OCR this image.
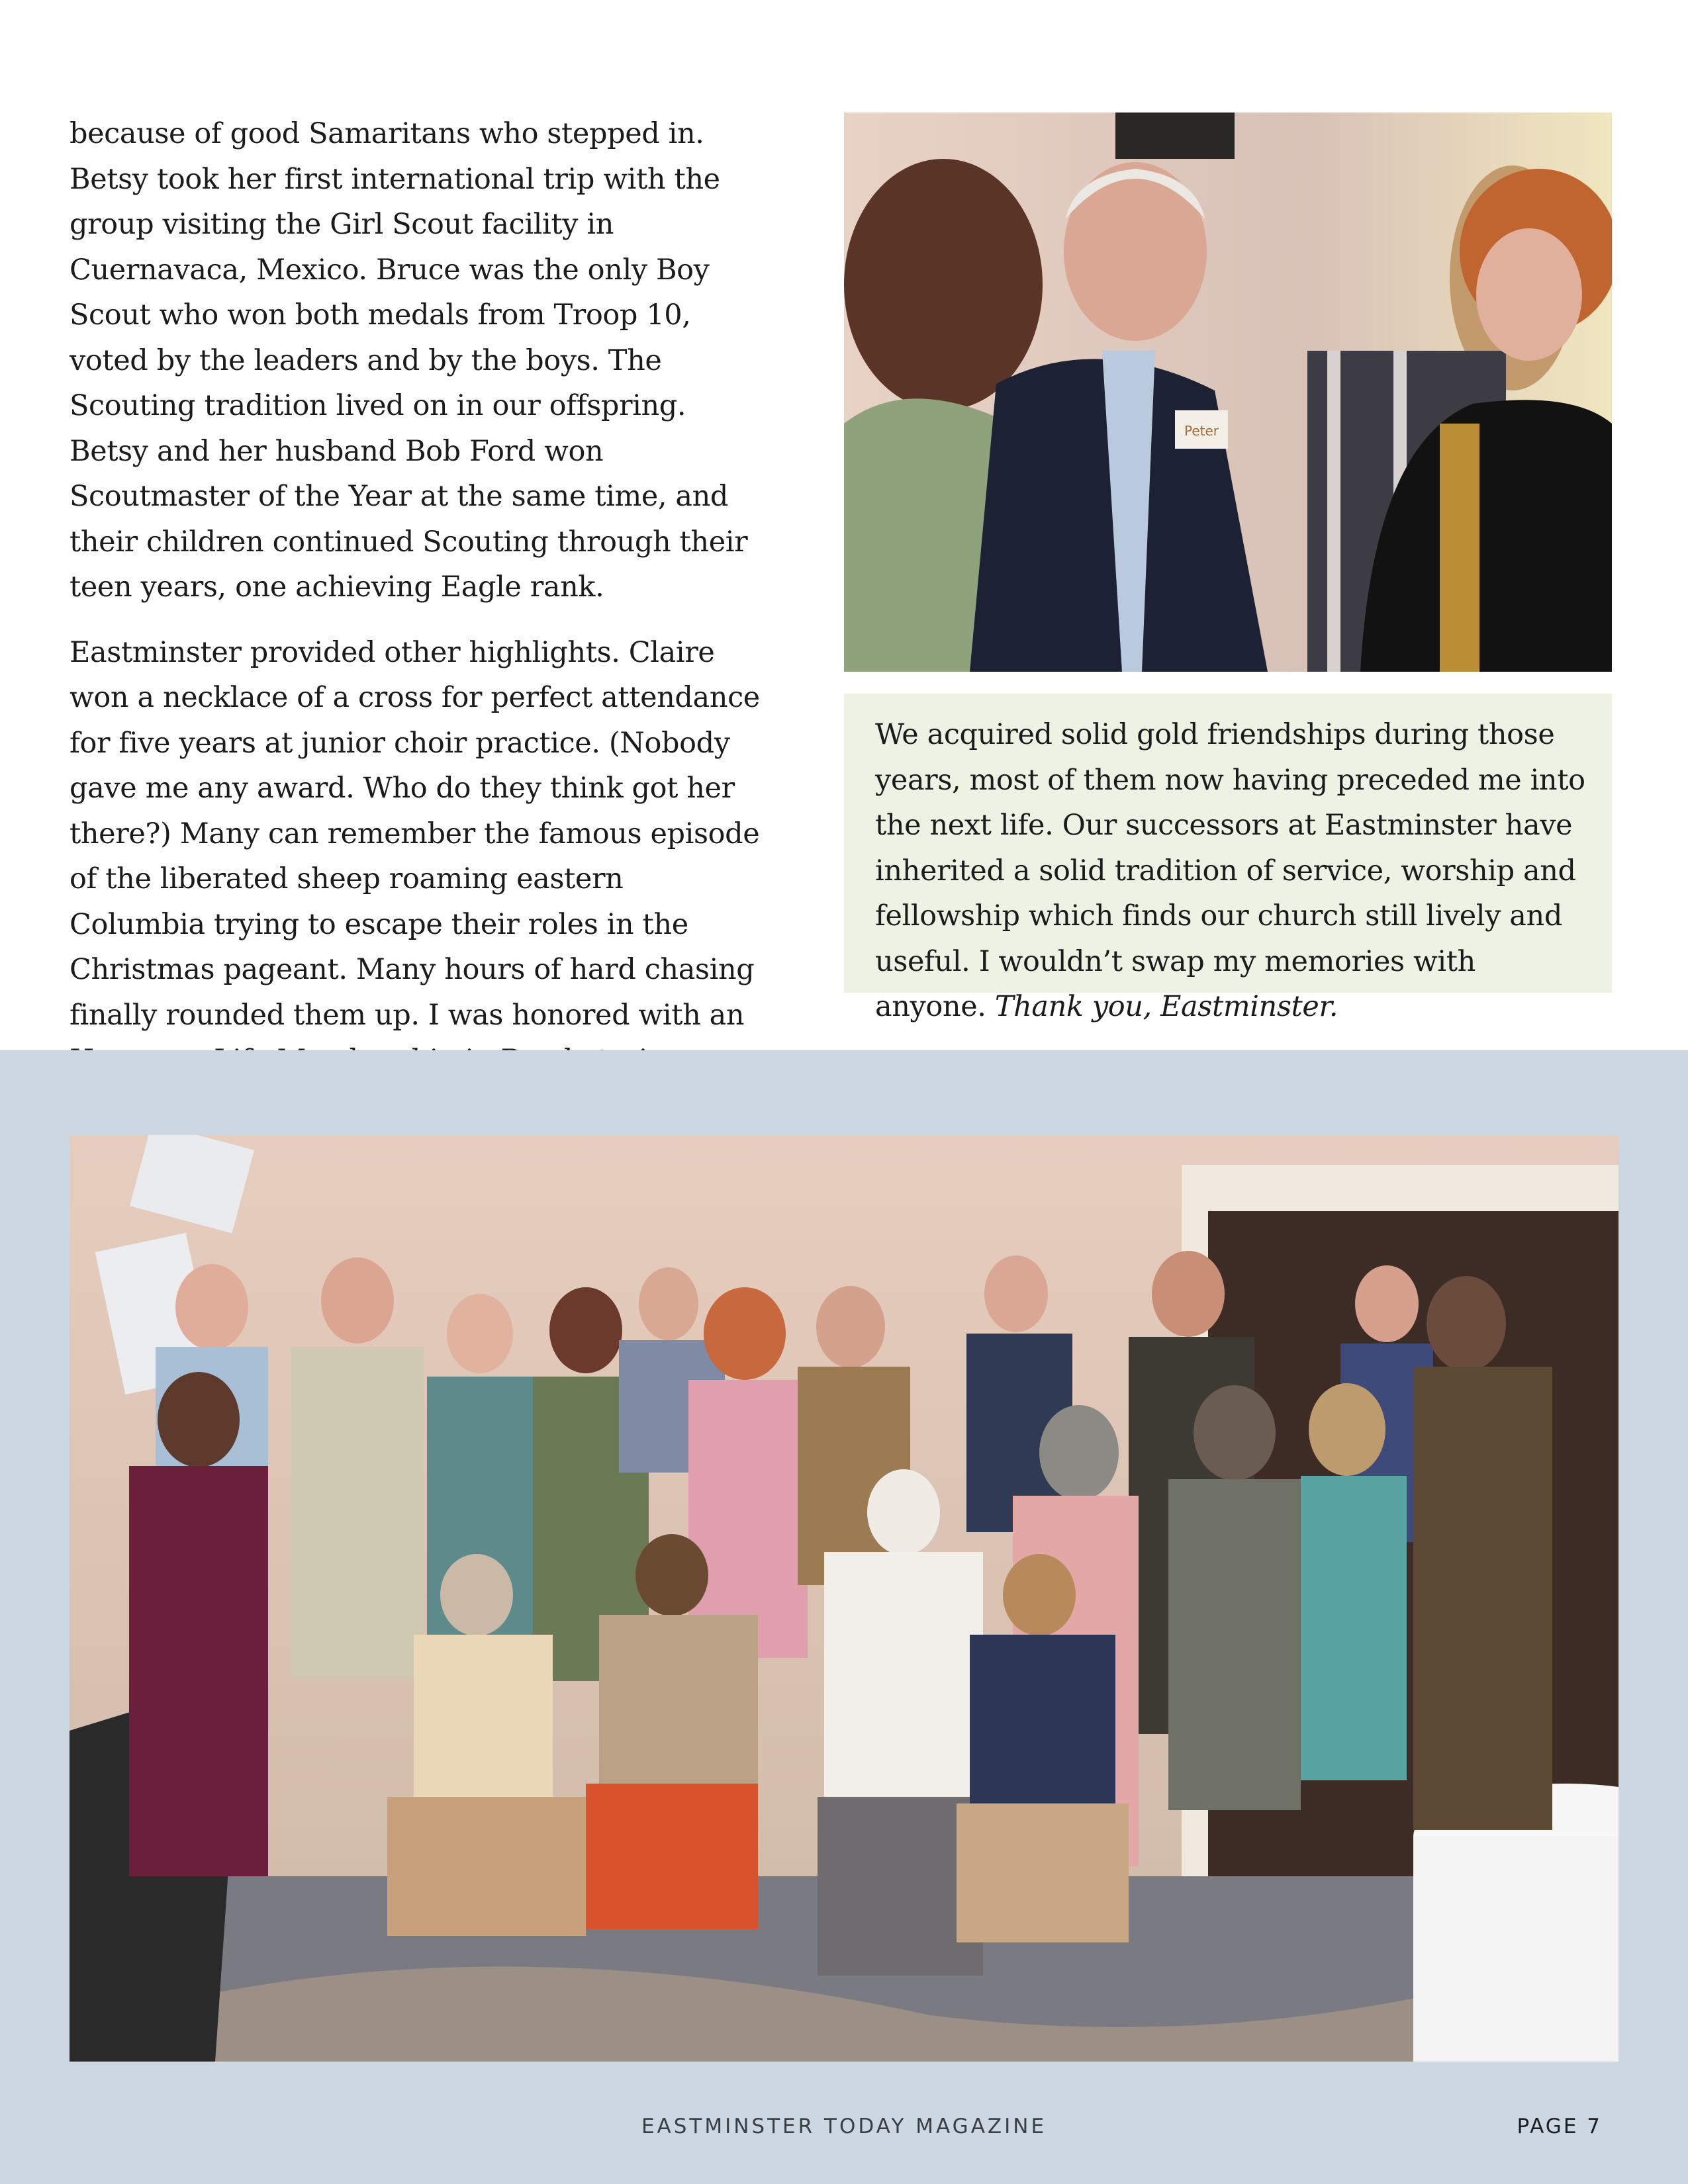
because of good Samaritans who stepped in. Betsy took her first international trip with the group visiting the Girl Scout facility in Cuernavaca, Mexico. Bruce was the only Boy Scout who won both medals from Troop 10, voted by the leaders and by the boys. The Scouting tradition lived on in our offspring. Betsy and her husband Bob Ford won Scoutmaster of the Year at the same time, and their children continued Scouting through their teen years, one achieving Eagle rank.

Eastminster provided other highlights. Claire won a necklace of a cross for perfect attendance for five years at junior choir practice. (Nobody gave me any award. Who do they think got her there?) Many can remember the famous episode of the liberated sheep roaming eastern Columbia trying to escape their roles in the Christmas pageant. Many hours of hard chasing finally rounded them up. I was honored with an

Peter

We acquired solid gold friendships during those years, most of them now having preceded me into the next life. Our successors at Eastminster have inherited a solid tradition of service, worship and fellowship which finds our church still lively and useful. I wouldn’t swap my memories with anyone. Thank you, Eastminster.

EASTMINSTER TODAY MAGAZINE	PAGE 7
